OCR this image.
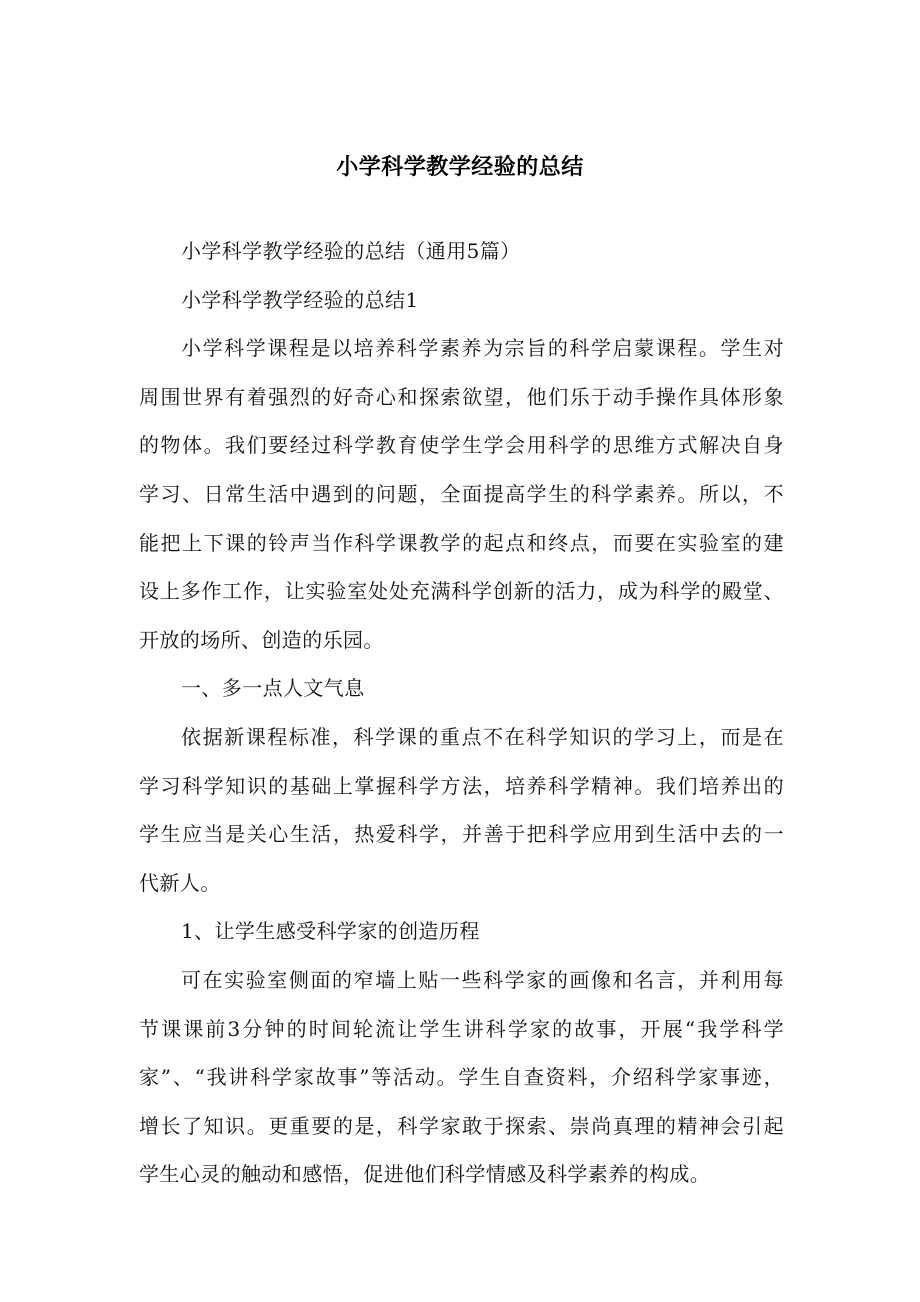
小学科学教学经验的总结
小学科学教学经验的总结（通用5篇）
小学科学教学经验的总结1
小学科学课程是以培养科学素养为宗旨的科学启蒙课程。学生对
周围世界有着强烈的好奇心和探索欲望，他们乐于动手操作具体形象
的物体。我们要经过科学教育使学生学会用科学的思维方式解决自身
学习、日常生活中遇到的问题，全面提高学生的科学素养。所以，不
能把上下课的铃声当作科学课教学的起点和终点，而要在实验室的建
设上多作工作，让实验室处处充满科学创新的活力，成为科学的殿堂、
开放的场所、创造的乐园。
一、多一点人文气息
依据新课程标准，科学课的重点不在科学知识的学习上，而是在
学习科学知识的基础上掌握科学方法，培养科学精神。我们培养出的
学生应当是关心生活，热爱科学，并善于把科学应用到生活中去的一
代新人。
1、让学生感受科学家的创造历程
可在实验室侧面的窄墙上贴一些科学家的画像和名言，并利用每
节课课前3分钟的时间轮流让学生讲科学家的故事，开展“我学科学
家”、“我讲科学家故事”等活动。学生自查资料，介绍科学家事迹，
增长了知识。更重要的是，科学家敢于探索、崇尚真理的精神会引起
学生心灵的触动和感悟，促进他们科学情感及科学素养的构成。
